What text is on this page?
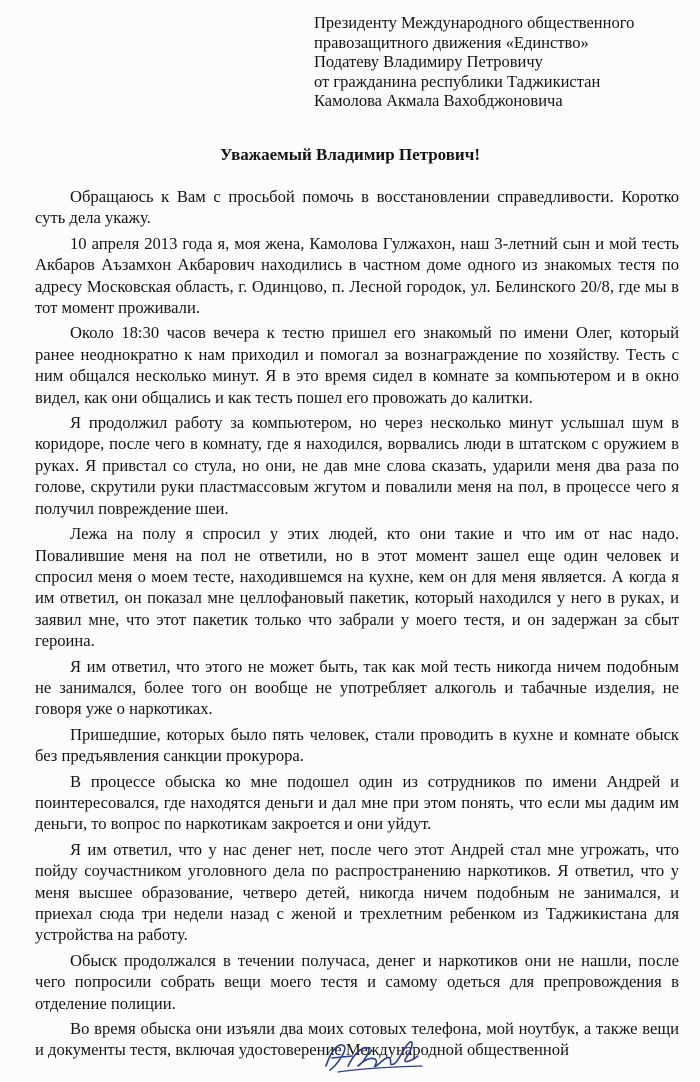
Президенту Международного общественного
правозащитного движения «Единство»
Податеву Владимиру Петровичу
от гражданина республики Таджикистан
Камолова Акмала Вахобджоновича
Уважаемый Владимир Петрович!

Обращаюсь к Вам с просьбой помочь в восстановлении справедливости. Коротко суть дела укажу.

10 апреля 2013 года я, моя жена, Камолова Гулжахон, наш 3-летний сын и мой тесть Акбаров Аъзамхон Акбарович находились в частном доме одного из знакомых тестя по адресу Московская область, г. Одинцово, п. Лесной городок, ул. Белинского 20/8, где мы в тот момент проживали.

Около 18:30 часов вечера к тестю пришел его знакомый по имени Олег, который ранее неоднократно к нам приходил и помогал за вознаграждение по хозяйству. Тесть с ним общался несколько минут. Я в это время сидел в комнате за компьютером и в окно видел, как они общались и как тесть пошел его провожать до калитки.

Я продолжил работу за компьютером, но через несколько минут услышал шум в коридоре, после чего в комнату, где я находился, ворвались люди в штатском с оружием в руках. Я привстал со стула, но они, не дав мне слова сказать, ударили меня два раза по голове, скрутили руки пластмассовым жгутом и повалили меня на пол, в процессе чего я получил повреждение шеи.

Лежа на полу я спросил у этих людей, кто они такие и что им от нас надо. Повалившие меня на пол не ответили, но в этот момент зашел еще один человек и спросил меня о моем тесте, находившемся на кухне, кем он для меня является. А когда я им ответил, он показал мне целлофановый пакетик, который находился у него в руках, и заявил мне, что этот пакетик только что забрали у моего тестя, и он задержан за сбыт героина.

Я им ответил, что этого не может быть, так как мой тесть никогда ничем подобным не занимался, более того он вообще не употребляет алкоголь и табачные изделия, не говоря уже о наркотиках.

Пришедшие, которых было пять человек, стали проводить в кухне и комнате обыск без предъявления санкции прокурора.

В процессе обыска ко мне подошел один из сотрудников по имени Андрей и поинтересовался, где находятся деньги и дал мне при этом понять, что если мы дадим им деньги, то вопрос по наркотикам закроется и они уйдут.

Я им ответил, что у нас денег нет, после чего этот Андрей стал мне угрожать, что пойду соучастником уголовного дела по распространению наркотиков. Я ответил, что у меня высшее образование, четверо детей, никогда ничем подобным не занимался, и приехал сюда три недели назад с женой и трехлетним ребенком из Таджикистана для устройства на работу.

Обыск продолжался в течении получаса, денег и наркотиков они не нашли, после чего попросили собрать вещи моего тестя и самому одеться для препровождения в отделение полиции.

Во время обыска они изъяли два моих сотовых телефона, мой ноутбук, а также вещи и документы тестя, включая удостоверение Международной общественной
